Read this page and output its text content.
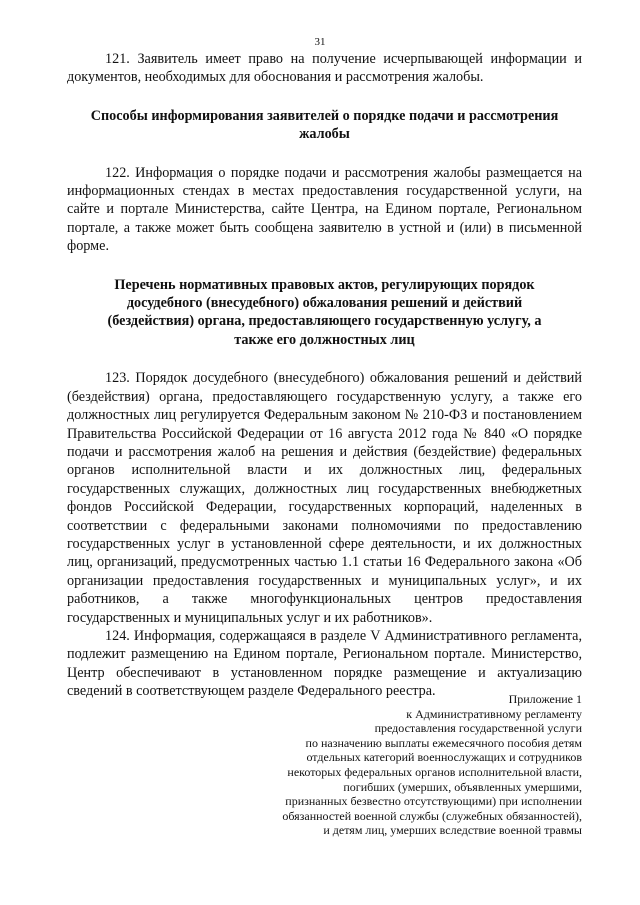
31

121. Заявитель имеет право на получение исчерпывающей информации и документов, необходимых для обоснования и рассмотрения жалобы.

Способы информирования заявителей о порядке подачи и рассмотрения жалобы

122. Информация о порядке подачи и рассмотрения жалобы размещается на информационных стендах в местах предоставления государственной услуги, на сайте и портале Министерства, сайте Центра, на Едином портале, Региональном портале, а также может быть сообщена заявителю в устной и (или) в письменной форме.

Перечень нормативных правовых актов, регулирующих порядок досудебного (внесудебного) обжалования решений и действий (бездействия) органа, предоставляющего государственную услугу, а также его должностных лиц

123. Порядок досудебного (внесудебного) обжалования решений и действий (бездействия) органа, предоставляющего государственную услугу, а также его должностных лиц регулируется Федеральным законом № 210-ФЗ и постановлением Правительства Российской Федерации от 16 августа 2012 года № 840 «О порядке подачи и рассмотрения жалоб на решения и действия (бездействие) федеральных органов исполнительной власти и их должностных лиц, федеральных государственных служащих, должностных лиц государственных внебюджетных фондов Российской Федерации, государственных корпораций, наделенных в соответствии с федеральными законами полномочиями по предоставлению государственных услуг в установленной сфере деятельности, и их должностных лиц, организаций, предусмотренных частью 1.1 статьи 16 Федерального закона «Об организации предоставления государственных и муниципальных услуг», и их работников, а также многофункциональных центров предоставления государственных и муниципальных услуг и их работников».

124. Информация, содержащаяся в разделе V Административного регламента, подлежит размещению на Едином портале, Региональном портале. Министерство, Центр обеспечивают в установленном порядке размещение и актуализацию сведений в соответствующем разделе Федерального реестра.	Приложение 1
к Административному регламенту
предоставления государственной услуги
по назначению выплаты ежемесячного пособия детям
отдельных категорий военнослужащих и сотрудников
некоторых федеральных органов исполнительной власти,
погибших (умерших, объявленных умершими,
признанных безвестно отсутствующими) при исполнении
обязанностей военной службы (служебных обязанностей),
и детям лиц, умерших вследствие военной травмы
